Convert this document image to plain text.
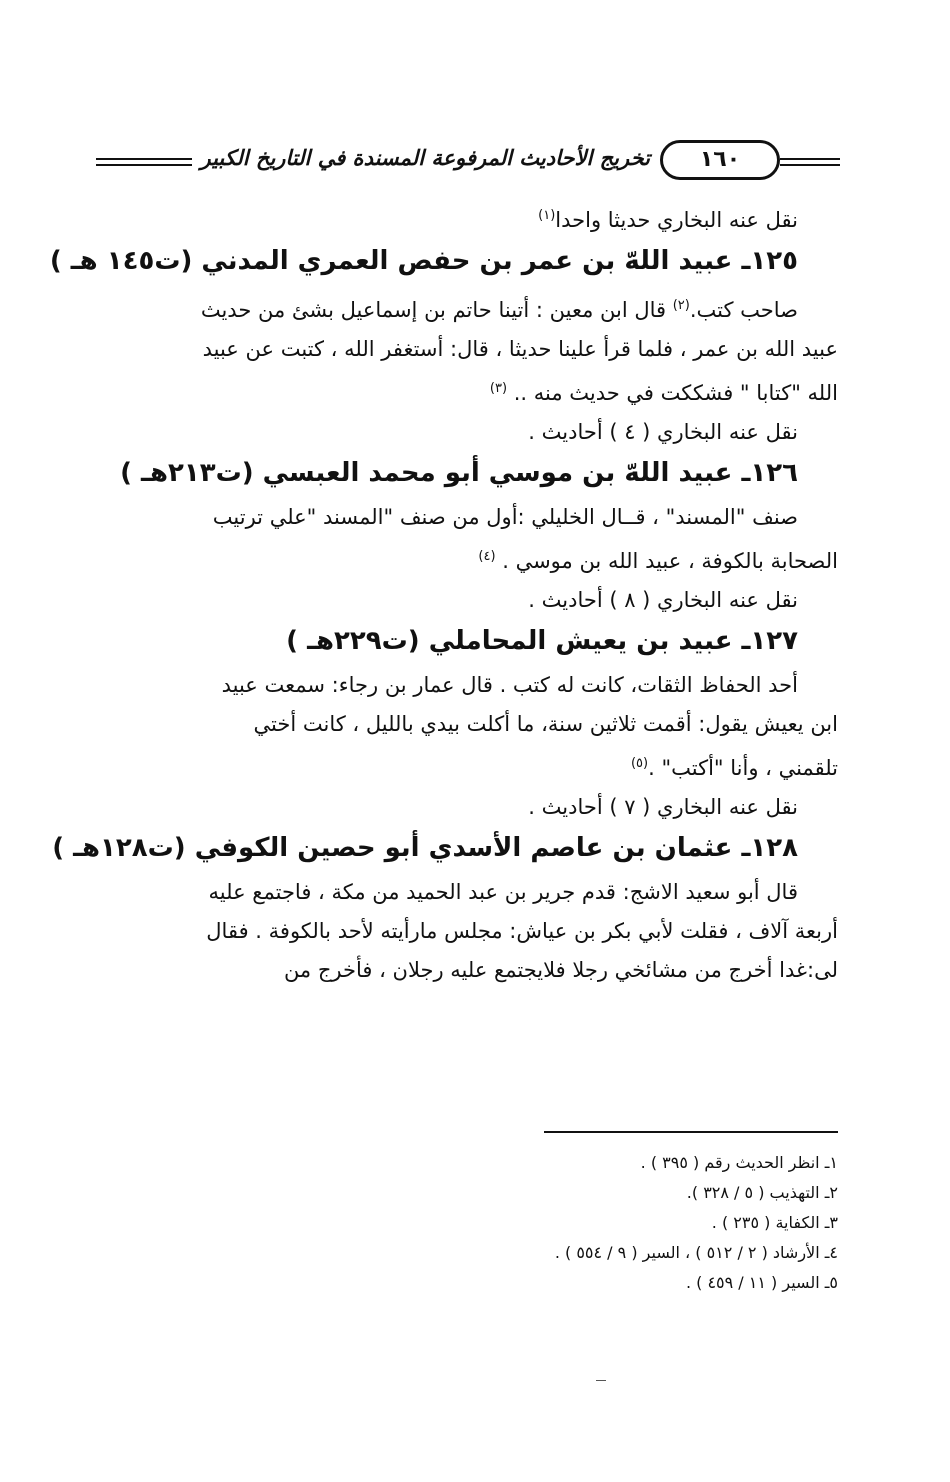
تخريج الأحاديث المرفوعة المسندة في التاريخ الكبير	١٦٠
نقل عنه البخاري حديثا واحدا$^{(١)}$
١٢٥ـ عبيد اللهّ بن عمر بن حفص العمري المدني (ت١٤٥ هـ )
صاحب كتب.$^{(٢)}$ قال ابن معين : أتينا حاتم بن إسماعيل بشئ من حديث
عبيد الله بن عمر ، فلما قرأ علينا حديثا ، قال: أستغفر الله ، كتبت عن عبيد
الله "كتابا " فشككت في حديث منه .. $^{(٣)}$
نقل عنه البخاري ( ٤ ) أحاديث .
١٢٦ـ عبيد اللهّ بن موسي أبو محمد العبسي (ت٢١٣هـ )
صنف "المسند" ، قــال الخليلي :أول من صنف "المسند "علي ترتيب
الصحابة بالكوفة ، عبيد الله بن موسي . $^{(٤)}$
نقل عنه البخاري ( ٨ ) أحاديث .
١٢٧ـ عبيد بن يعيش المحاملي (ت٢٢٩هـ )
أحد الحفاظ الثقات، كانت له كتب . قال عمار بن رجاء: سمعت عبيد
ابن يعيش يقول: أقمت ثلاثين سنة، ما أكلت بيدي بالليل ، كانت أختي
تلقمني ، وأنا "أكتب" .$^{(٥)}$
نقل عنه البخاري ( ٧ ) أحاديث .
١٢٨ـ عثمان بن عاصم الأسدي أبو حصين الكوفي (ت١٢٨هـ )
قال أبو سعيد الاشج: قدم جرير بن عبد الحميد من مكة ، فاجتمع عليه
أربعة آلاف ، فقلت لأبي بكر بن عياش: مجلس مارأيته لأحد بالكوفة . فقال
لى:غدا أخرج من مشائخي رجلا فلايجتمع عليه رجلان ، فأخرج من
١ـ انظر الحديث رقم ( ٣٩٥ ) .
٢ـ التهذيب ( ٥ / ٣٢٨ ).
٣ـ الكفاية ( ٢٣٥ ) .
٤ـ الأرشاد ( ٢ / ٥١٢ ) ، السير ( ٩ / ٥٥٤ ) .
٥ـ السير ( ١١ / ٤٥٩ ) .
